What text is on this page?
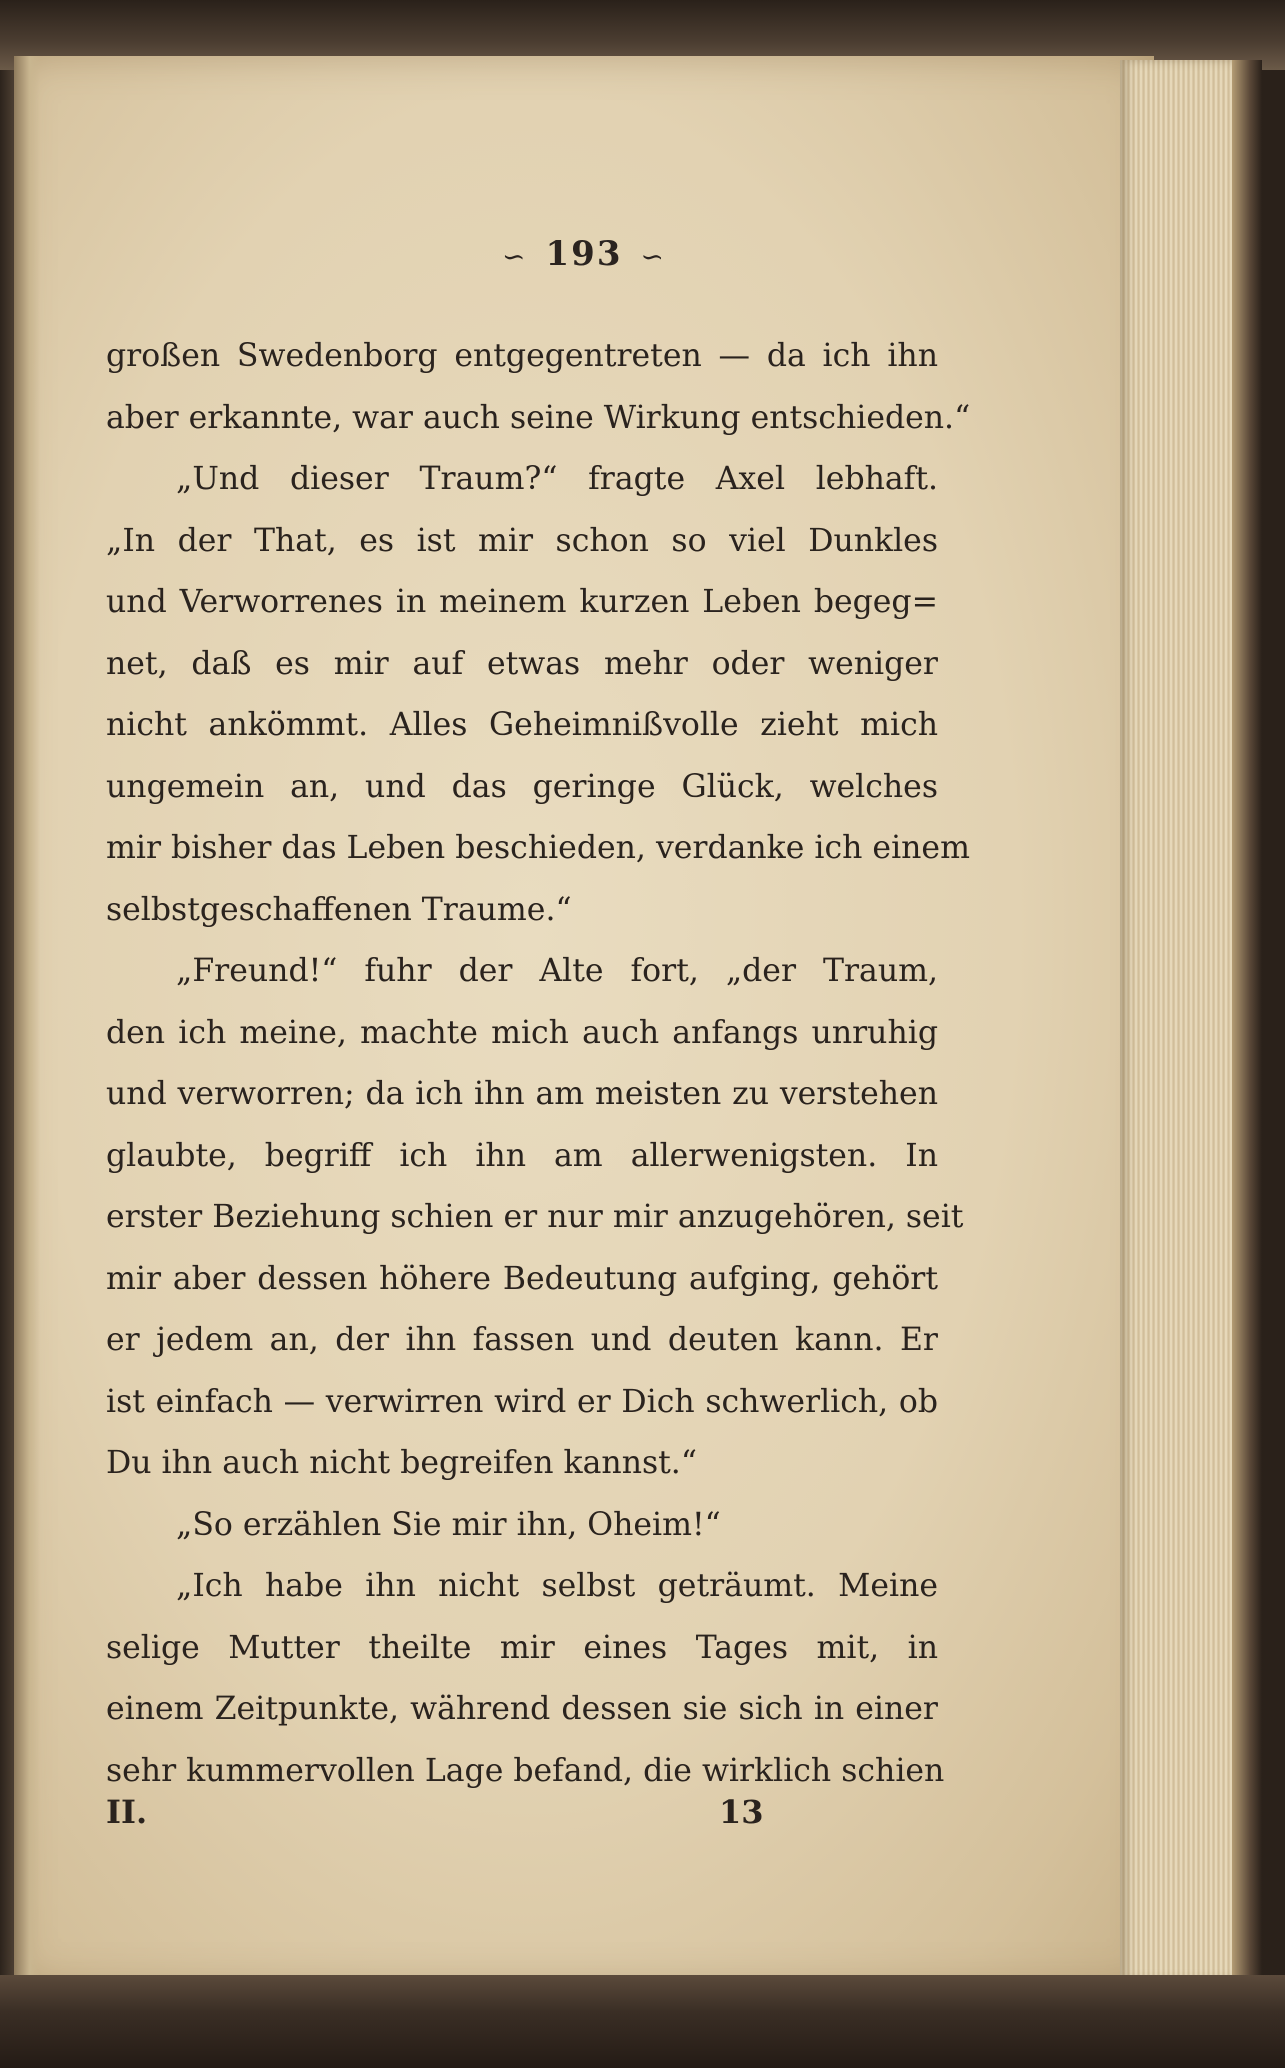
∽ 193 ∽
großen Swedenborg entgegentreten — da ich ihn
aber erkannte, war auch seine Wirkung entschieden.“
„Und dieser Traum?“ fragte Axel lebhaft.
„In der That, es ist mir schon so viel Dunkles
und Verworrenes in meinem kurzen Leben begeg=
net, daß es mir auf etwas mehr oder weniger
nicht ankömmt. Alles Geheimnißvolle zieht mich
ungemein an, und das geringe Glück, welches
mir bisher das Leben beschieden, verdanke ich einem
selbstgeschaffenen Traume.“
„Freund!“ fuhr der Alte fort, „der Traum,
den ich meine, machte mich auch anfangs unruhig
und verworren; da ich ihn am meisten zu verstehen
glaubte, begriff ich ihn am allerwenigsten. In
erster Beziehung schien er nur mir anzugehören, seit
mir aber dessen höhere Bedeutung aufging, gehört
er jedem an, der ihn fassen und deuten kann. Er
ist einfach — verwirren wird er Dich schwerlich, ob
Du ihn auch nicht begreifen kannst.“
„So erzählen Sie mir ihn, Oheim!“
„Ich habe ihn nicht selbst geträumt. Meine
selige Mutter theilte mir eines Tages mit, in
einem Zeitpunkte, während dessen sie sich in einer
sehr kummervollen Lage befand, die wirklich schien
II.	13
